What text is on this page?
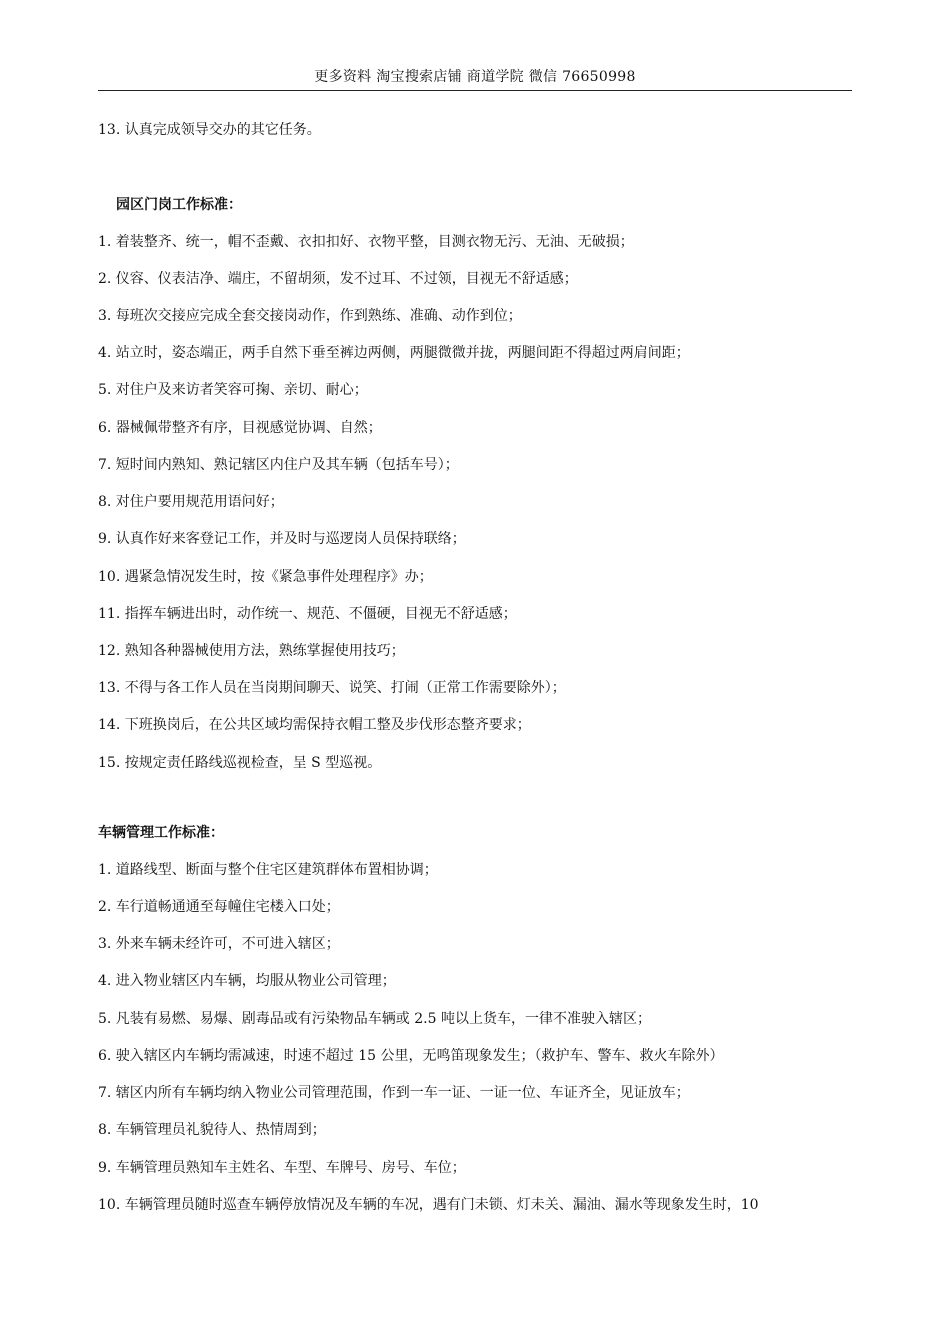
更多资料 淘宝搜索店铺 商道学院 微信 76650998
13. 认真完成领导交办的其它任务。
园区门岗工作标准：
1. 着装整齐、统一，帽不歪戴、衣扣扣好、衣物平整，目测衣物无污、无油、无破损；
2. 仪容、仪表洁净、端庄，不留胡须，发不过耳、不过领，目视无不舒适感；
3. 每班次交接应完成全套交接岗动作，作到熟练、准确、动作到位；
4. 站立时，姿态端正，两手自然下垂至裤边两侧，两腿微微并拢，两腿间距不得超过两肩间距；
5. 对住户及来访者笑容可掬、亲切、耐心；
6. 器械佩带整齐有序，目视感觉协调、自然；
7. 短时间内熟知、熟记辖区内住户及其车辆（包括车号）；
8. 对住户要用规范用语问好；
9. 认真作好来客登记工作，并及时与巡逻岗人员保持联络；
10. 遇紧急情况发生时，按《紧急事件处理程序》办；
11. 指挥车辆进出时，动作统一、规范、不僵硬，目视无不舒适感；
12. 熟知各种器械使用方法，熟练掌握使用技巧；
13. 不得与各工作人员在当岗期间聊天、说笑、打闹（正常工作需要除外）；
14. 下班换岗后，在公共区域均需保持衣帽工整及步伐形态整齐要求；
15. 按规定责任路线巡视检查，呈 S 型巡视。
车辆管理工作标准：
1. 道路线型、断面与整个住宅区建筑群体布置相协调；
2. 车行道畅通通至每幢住宅楼入口处；
3. 外来车辆未经许可，不可进入辖区；
4. 进入物业辖区内车辆，均服从物业公司管理；
5. 凡装有易燃、易爆、剧毒品或有污染物品车辆或 2.5 吨以上货车，一律不准驶入辖区；
6. 驶入辖区内车辆均需减速，时速不超过 15 公里，无鸣笛现象发生；（救护车、警车、救火车除外）
7. 辖区内所有车辆均纳入物业公司管理范围，作到一车一证、一证一位、车证齐全，见证放车；
8. 车辆管理员礼貌待人、热情周到；
9. 车辆管理员熟知车主姓名、车型、车牌号、房号、车位；
10. 车辆管理员随时巡查车辆停放情况及车辆的车况，遇有门未锁、灯未关、漏油、漏水等现象发生时，10
